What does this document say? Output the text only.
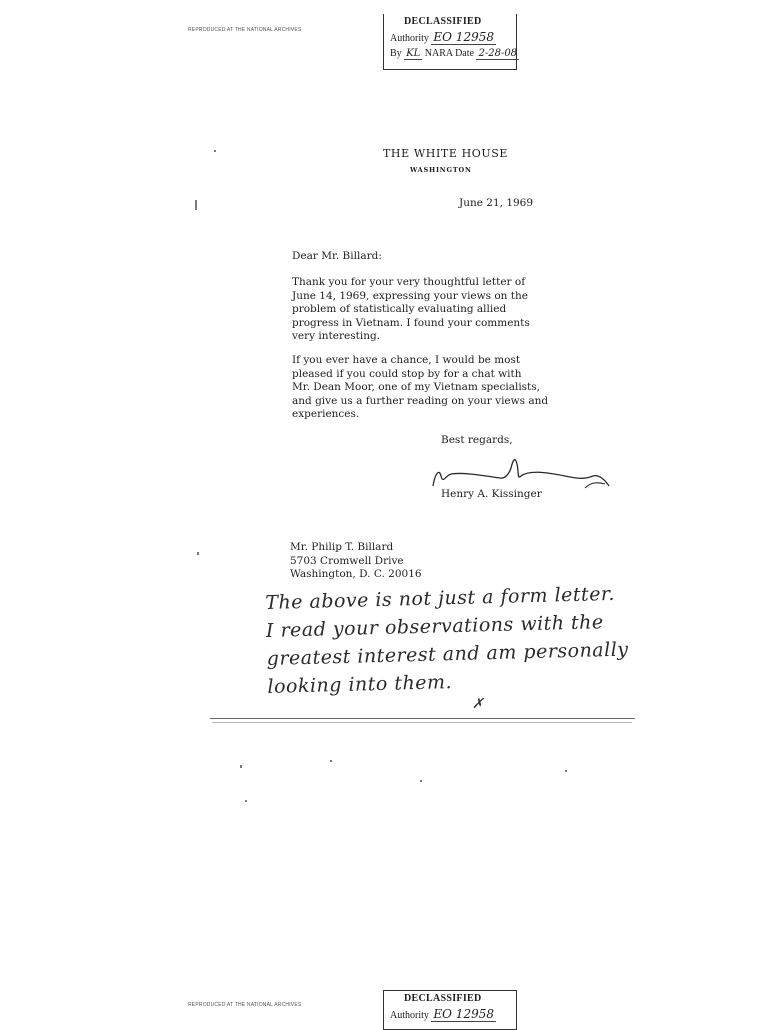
REPRODUCED AT THE NATIONAL ARCHIVES
DECLASSIFIED
Authority EO 12958
By KL NARA Date 2-28-08
THE WHITE HOUSE
WASHINGTON
June 21, 1969
Dear Mr. Billard:
Thank you for your very thoughtful letter of
June 14, 1969, expressing your views on the
problem of statistically evaluating allied
progress in Vietnam. I found your comments
very interesting.
If you ever have a chance, I would be most
pleased if you could stop by for a chat with
Mr. Dean Moor, one of my Vietnam specialists,
and give us a further reading on your views and
experiences.
Best regards,
Henry A. Kissinger
Mr. Philip T. Billard
5703 Cromwell Drive
Washington, D. C. 20016
The above is not just a form letter.
I read your observations with the
greatest interest and am personally
looking into them.
✗
REPRODUCED AT THE NATIONAL ARCHIVES
DECLASSIFIED
Authority EO 12958
